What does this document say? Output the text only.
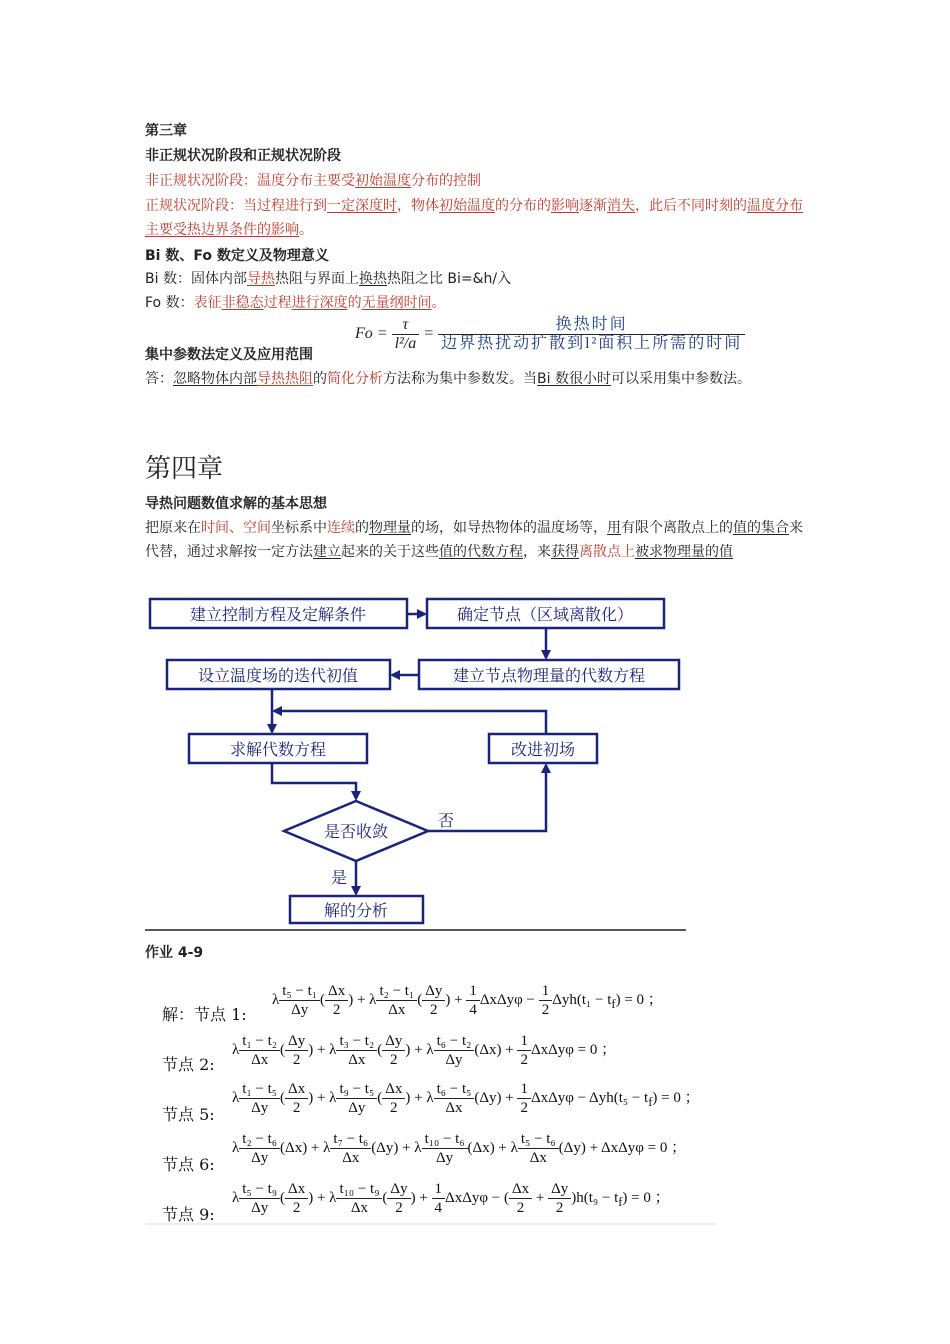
第三章
非正规状况阶段和正规状况阶段
非正规状况阶段：温度分布主要受初始温度分布的控制
正规状况阶段：当过程进行到一定深度时，物体初始温度的分布的影响逐渐消失，此后不同时刻的温度分布主要受热边界条件的影响。
Bi 数、Fo 数定义及物理意义
Bi 数：固体内部导热热阻与界面上换热热阻之比 Bi=&h/入
Fo 数：表征非稳态过程进行深度的无量纲时间。
$Fo = \frac{\tau}{\text{l²/a}} = \frac{\text{换热时间}}{\text{边界热扰动扩散到l²面积上所需的时间}}$
集中参数法定义及应用范围
答：忽略物体内部导热热阻的简化分析方法称为集中参数发。当Bi 数很小时可以采用集中参数法。
第四章
导热问题数值求解的基本思想
把原来在时间、空间坐标系中连续的物理量的场，如导热物体的温度场等，用有限个离散点上的值的集合来代替，通过求解按一定方法建立起来的关于这些值的代数方程，来获得离散点上被求物理量的值
建立控制方程及定解条件	确定节点（区域离散化）
建立节点物理量的代数方程
设立温度场的迭代初值
求解代数方程	改进初场
是否收敛
否
是
解的分析
作业 4-9
解：节点 1:
λ $\frac{\text{t₅ − t₁}}{\Delta y}$ ( $\frac{\Delta x}{2}$ ) + λ $\frac{\text{t₂ − t₁}}{\Delta x}$ ( $\frac{\Delta y}{2}$ ) + $\frac{1}{4}$ $\Delta x\Delta y\varphi - \frac{1}{2} \Delta yh(t_1 - t_f) = 0$ ；
节点 2:
λ $\frac{\text{t₁ − t₂}}{\Delta x}$ ( $\frac{\Delta y}{2}$ ) + λ $\frac{\text{t₃ − t₂}}{\Delta x}$ ( $\frac{\Delta y}{2}$ ) + λ $\frac{\text{t₆ − t₂}}{\Delta y} (\Delta x) + \frac{1}{2}$ ΔxΔyφ = 0 ；
节点 5:
λ $\frac{\text{t₁ − t₅}}{\Delta y}$ ( $\frac{\Delta x}{2}$ ) + λ $\frac{\text{t₉ − t₅}}{\Delta y}$ ( $\frac{\Delta x}{2}$ ) + λ $\frac{\text{t₆ − t₅}}{\Delta x} (\Delta y) + \frac{1}{2}$ $\Delta x\Delta y\varphi - \Delta yh(t_5 - t_f) = 0$ ；
节点 6:
λ $\frac{\text{t₂ − t₆}}{\Delta y} (\Delta x) + \lambda \frac{\text{t₇ − t₆}}{\Delta x} (\Delta y) + \lambda \frac{\text{t₁₀ − t₆}}{\Delta y} (\Delta x) + \lambda \frac{\text{t₅ − t₆}}{\Delta x} (\Delta y) + \Delta x\Delta y\varphi = 0$ ；
节点 9:
λ $\frac{\text{t₅ − t₉}}{\Delta y}$ ( $\frac{\Delta x}{2}$ ) + λ $\frac{\text{t₁₀ − t₉}}{\Delta x}$ ( $\frac{\Delta y}{2}$ ) + $\frac{1}{4}$ ΔxΔyφ − ( $\frac{\Delta x}{2} + \frac{\Delta y}{2} )h(t_9 - t_f) = 0$ ；
